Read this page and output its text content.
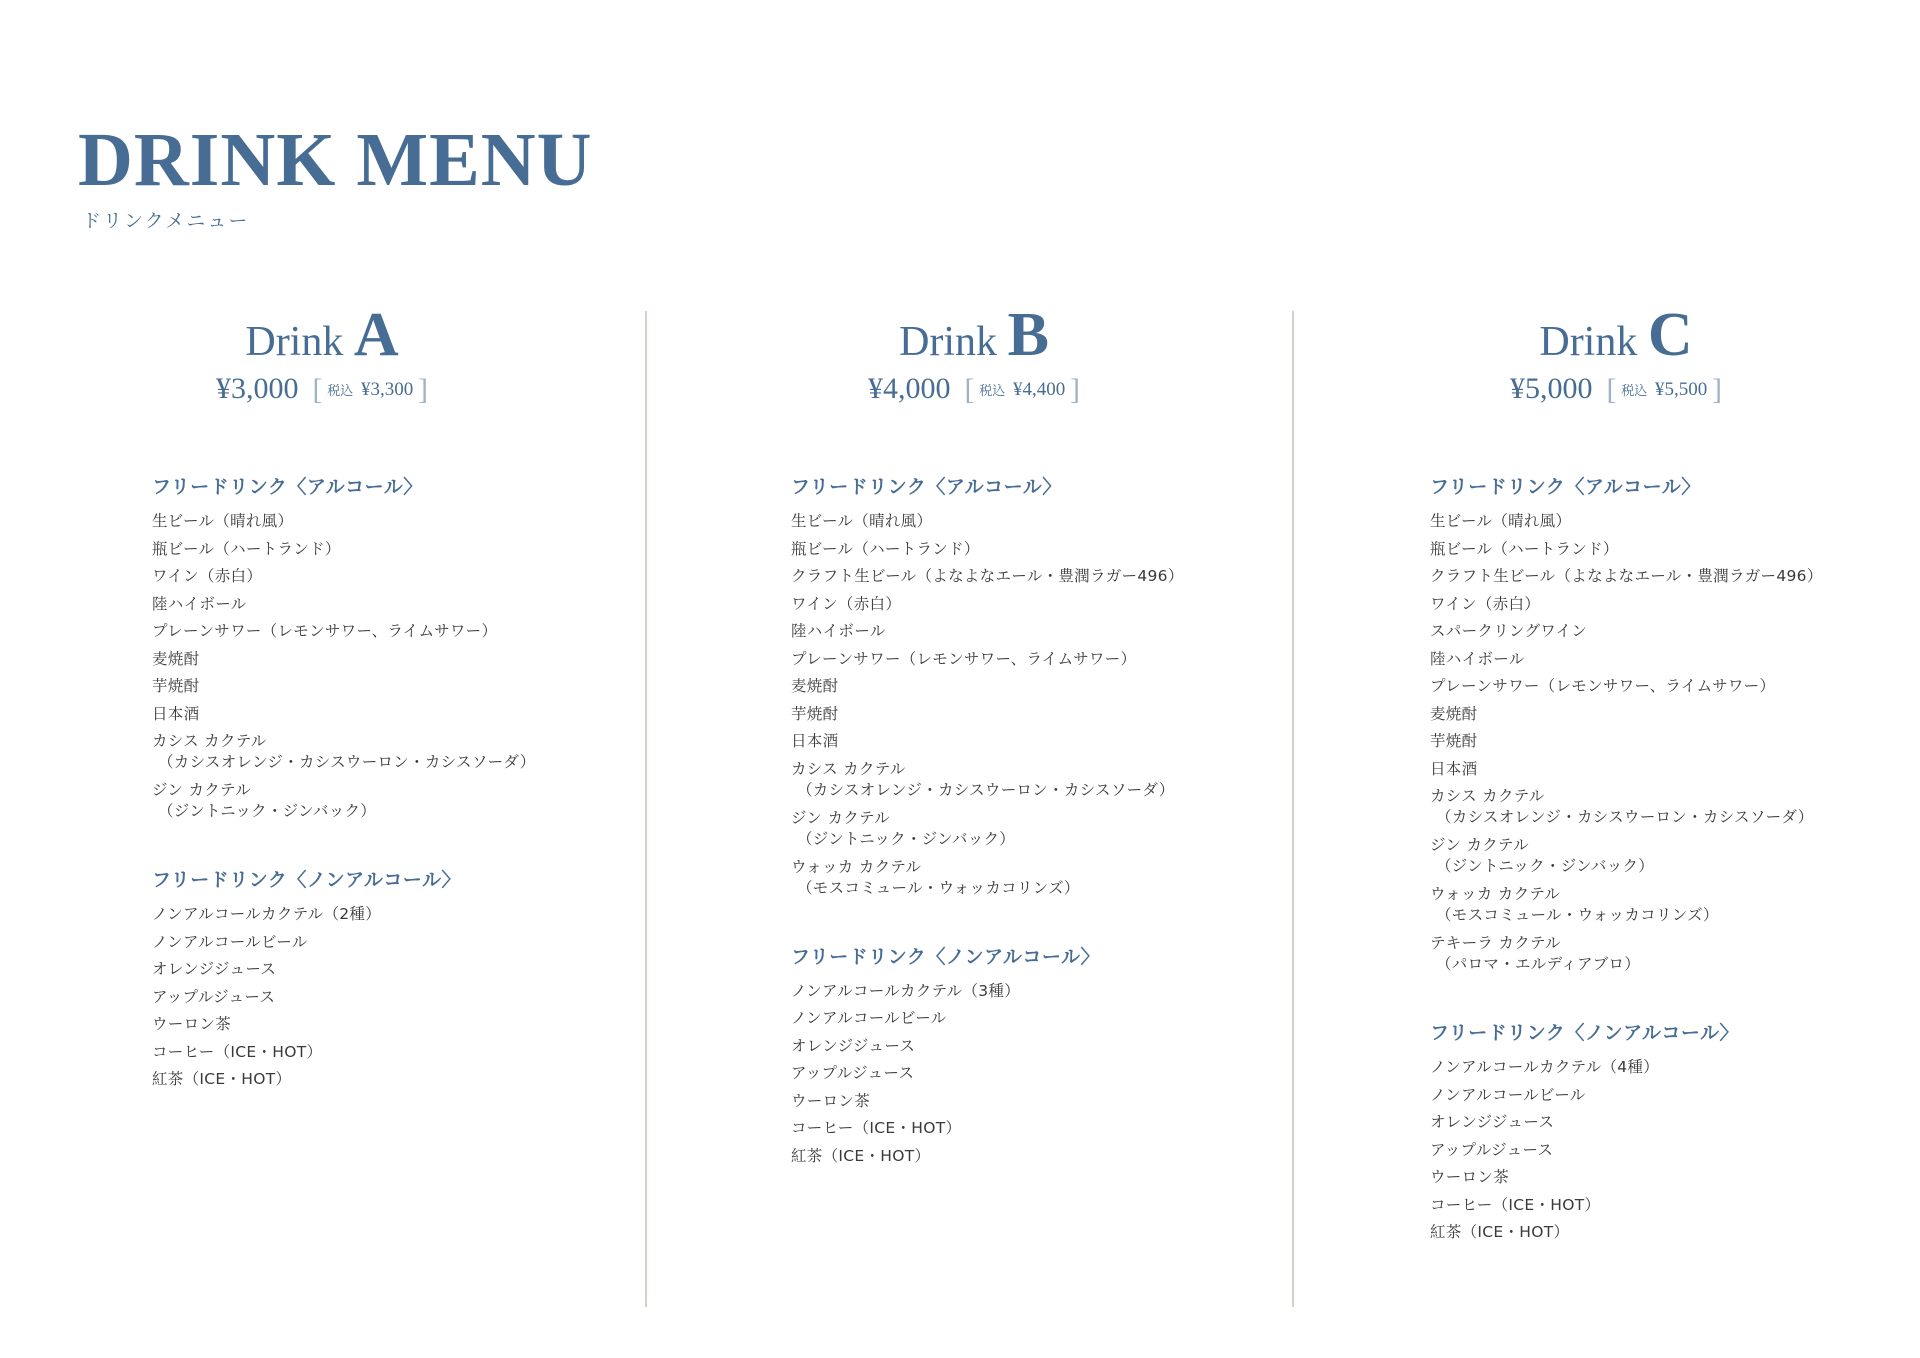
DRINK MENU
ドリンクメニュー
Drink A
¥3,000 [ 税込 ¥3,300 ]
Drink B
¥4,000 [ 税込 ¥4,400 ]
Drink C
¥5,000 [ 税込 ¥5,500 ]
フリードリンク〈アルコール〉
生ビール（晴れ風）
瓶ビール（ハートランド）
ワイン（赤白）
陸ハイボール
プレーンサワー（レモンサワー、ライムサワー）
麦焼酎
芋焼酎
日本酒
カシス カクテル
（カシスオレンジ・カシスウーロン・カシスソーダ）
ジン カクテル
（ジントニック・ジンバック）
フリードリンク〈ノンアルコール〉
ノンアルコールカクテル（2種）
ノンアルコールビール
オレンジジュース
アップルジュース
ウーロン茶
コーヒー（ICE・HOT）
紅茶（ICE・HOT）
フリードリンク〈アルコール〉
生ビール（晴れ風）
瓶ビール（ハートランド）
クラフト生ビール（よなよなエール・豊潤ラガー496）
ワイン（赤白）
陸ハイボール
プレーンサワー（レモンサワー、ライムサワー）
麦焼酎
芋焼酎
日本酒
カシス カクテル
（カシスオレンジ・カシスウーロン・カシスソーダ）
ジン カクテル
（ジントニック・ジンバック）
ウォッカ カクテル
（モスコミュール・ウォッカコリンズ）
フリードリンク〈ノンアルコール〉
ノンアルコールカクテル（3種）
ノンアルコールビール
オレンジジュース
アップルジュース
ウーロン茶
コーヒー（ICE・HOT）
紅茶（ICE・HOT）
フリードリンク〈アルコール〉
生ビール（晴れ風）
瓶ビール（ハートランド）
クラフト生ビール（よなよなエール・豊潤ラガー496）
ワイン（赤白）
スパークリングワイン
陸ハイボール
プレーンサワー（レモンサワー、ライムサワー）
麦焼酎
芋焼酎
日本酒
カシス カクテル
（カシスオレンジ・カシスウーロン・カシスソーダ）
ジン カクテル
（ジントニック・ジンバック）
ウォッカ カクテル
（モスコミュール・ウォッカコリンズ）
テキーラ カクテル
（パロマ・エルディアブロ）
フリードリンク〈ノンアルコール〉
ノンアルコールカクテル（4種）
ノンアルコールビール
オレンジジュース
アップルジュース
ウーロン茶
コーヒー（ICE・HOT）
紅茶（ICE・HOT）
